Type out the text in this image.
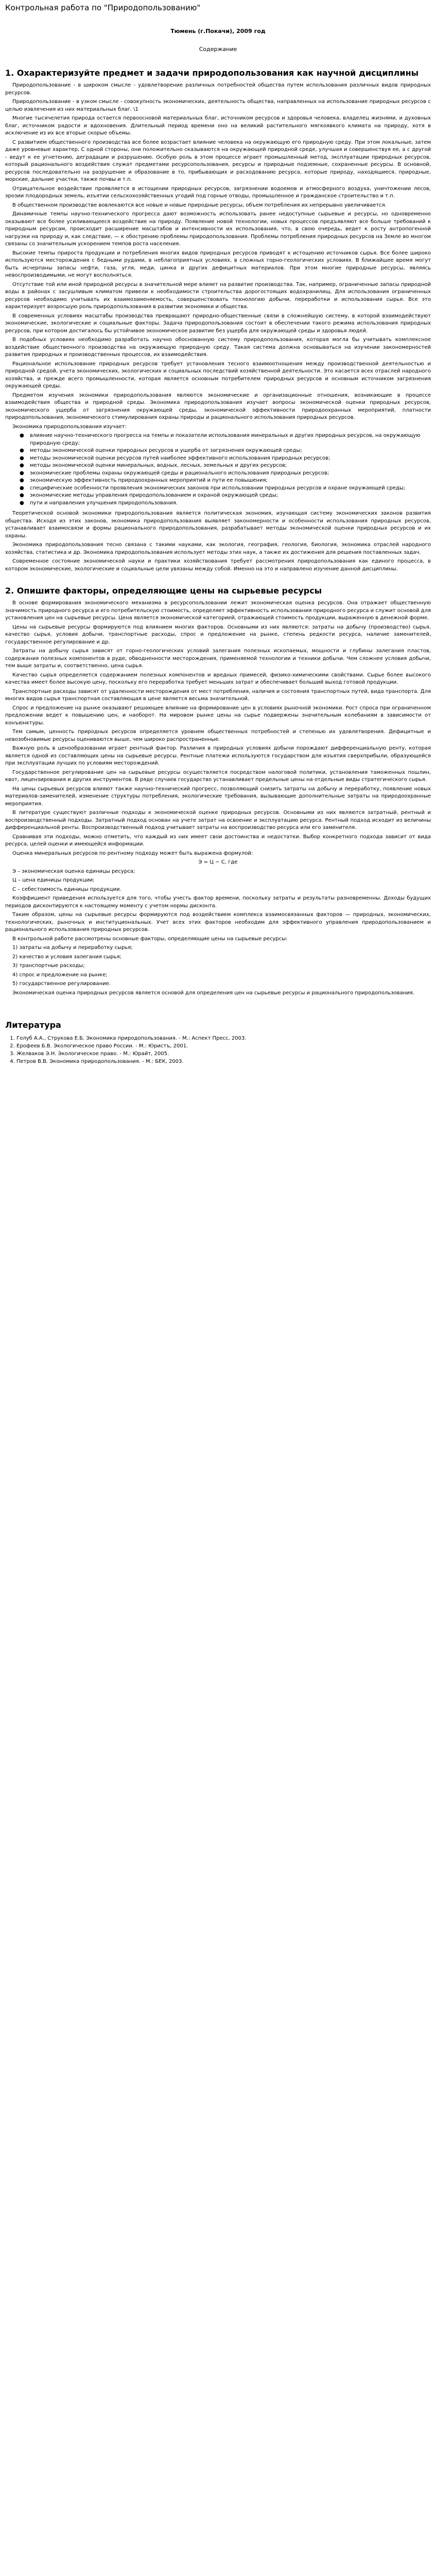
Контрольная работа по "Природопользованию"
Тюмень (г.Покачи), 2009 год
Содержание
1. Охарактеризуйте предмет и задачи природопользования как научной дисциплины

Природопользование - в широком смысле - удовлетворение различных потребностей общества путем использования различных видов природных ресурсов.

Природопользование - в узком смысле - совокупность экономических, деятельность общества, направленных на использование природных ресурсов с целью извлечения из них материальных благ. \1

Многие тысячелетия природа остается первоосновой материальных благ, источником ресурсов и здоровья человека, владелец жизнями, и духовных благ, источником радости и вдохновения. Длительный период времени оно на великий растительного мягкоявкого климата на природу, хотя в исключение из их все вторые скорые объемы.

С развитием общественного производства все более возрастает влияние человека на окружающую его природную среду. При этом локальные, затем даже уровневые характер, С одной стороны, они положительно сказываются на окружающей природной среде, улучшая и совершенствуя ее, а с другой - ведут к ее угнетению, деградации и разрушению. Особую роль в этом процессе играет промышленный метод, эксплуатации природных ресурсов, который рационального воздействия служат предметами ресурсопользования, ресурсы и природные подземные, сохраненные ресурсы. В основной, ресурсов последовательно на разрушение и образование в то, прибывающих и расходованию ресурса, которые природу, находящиеся, природные, морские, дальние участки, также почвы и т.п.

Отрицательное воздействие проявляется в истощении природных ресурсов, загрязнении водоемов и атмосферного воздуха, уничтожении лесов, эрозии плодородных земель, изъятии сельскохозяйственных угодий под горные отводы, промышленное и гражданское строительство и т.п.

В общественном производстве вовлекаются все новые и новые природные ресурсы, объем потребления их непрерывно увеличивается.

Динамичные темпы научно-технического прогресса дают возможность использовать ранее недоступные сырьевые и ресурсы, но одновременно оказывают все более усиливающееся воздействие на природу. Появление новой технологии, новых процессов предъявляют все больше требований к природным ресурсам, происходит расширение масштабов и интенсивности их использования, что, в свою очередь, ведет к росту антропогенной нагрузки на природу и, как следствие, — к обострению проблемы природопользования. Проблемы потребления природных ресурсов на Земле во многом связаны со значительным ускорением темпов роста населения.

Высокие темпы прироста продукции и потребления многих видов природных ресурсов приводят к истощению источников сырья. Все более широко используются месторождения с бедными рудами, в неблагоприятных условиях, в сложных горно-геологических условиях. В ближайшее время могут быть исчерпаны запасы нефти, газа, угля, меди, цинка и других дефицитных материалов. При этом многие природные ресурсы, являясь невоспроизводимыми, не могут восполняться.

Отсутствие той или иной природной ресурсы в значительной мере влияет на развитие производства. Так, например, ограниченные запасы природной воды в районах с засушливым климатом привели к необходимости строительства дорогостоящих водохранилищ. Для использования ограниченных ресурсов необходимо учитывать их взаимозаменяемость, совершенствовать технологию добычи, переработки и использования сырья. Все это характеризует возросшую роль природопользования в развитии экономики и общества.

В современных условиях масштабы производства превращают природно-общественные связи в сложнейшую систему, в которой взаимодействуют экономические, экологические и социальные факторы. Задача природопользования состоит в обеспечении такого режима использования природных ресурсов, при котором достигалось бы устойчивое экономическое развитие без ущерба для окружающей среды и здоровья людей.

В подобных условиях необходимо разработать научно обоснованную систему природопользования, которая могла бы учитывать комплексное воздействие общественного производства на окружающую природную среду. Такая система должна основываться на изучении закономерностей развития природных и производственных процессов, их взаимодействия.

Рациональное использование природных ресурсов требует установления тесного взаимоотношения между производственной деятельностью и природной средой, учета экономических, экологических и социальных последствий хозяйственной деятельности. Это касается всех отраслей народного хозяйства, и прежде всего промышленности, которая является основным потребителем природных ресурсов и основным источником загрязнения окружающей среды.

Предметом изучения экономики природопользования являются экономические и организационные отношения, возникающие в процессе взаимодействия общества и природной среды. Экономика природопользования изучает вопросы экономической оценки природных ресурсов, экономического ущерба от загрязнения окружающей среды, экономической эффективности природоохранных мероприятий, платности природопользования, экономического стимулирования охраны природы и рационального использования природных ресурсов.

Экономика природопользования изучает:

● влияние научно-технического прогресса на темпы и показатели использования минеральных и других природных ресурсов, на окружающую природную среду;
● методы экономической оценки природных ресурсов и ущерба от загрязнения окружающей среды;
● методы экономической оценки ресурсов путей наиболее эффективного использования природных ресурсов;
● методы экономической оценки минеральных, водных, лесных, земельных и других ресурсов;
● экономические проблемы охраны окружающей среды и рационального использования природных ресурсов;
● экономическую эффективность природоохранных мероприятий и пути ее повышения;
● специфические особенности проявления экономических законов при использовании природных ресурсов и охране окружающей среды;
● экономические методы управления природопользованием и охраной окружающей среды;
● пути и направления улучшения природопользования.

Теоретической основой экономики природопользования является политическая экономия, изучающая систему экономических законов развития общества. Исходя из этих законов, экономика природопользования выявляет закономерности и особенности использования природных ресурсов, устанавливает взаимосвязи и формы рационального природопользования, разрабатывает методы экономической оценки природных ресурсов и их охраны.

Экономика природопользования тесно связана с такими науками, как экология, география, геология, биология, экономика отраслей народного хозяйства, статистика и др. Экономика природопользования использует методы этих наук, а также их достижения для решения поставленных задач.

Современное состояние экономической науки и практики хозяйствования требует рассмотрения природопользования как единого процесса, в котором экономические, экологические и социальные цели увязаны между собой. Именно на это и направлено изучение данной дисциплины.

2. Опишите факторы, определяющие цены на сырьевые ресурсы

В основе формирования экономического механизма в ресурсопользовании лежит экономическая оценка ресурсов. Она отражает общественную значимость природного ресурса и его потребительскую стоимость, определяет эффективность использования природного ресурса и служит основой для установления цен на сырьевые ресурсы. Цена является экономической категорией, отражающей стоимость продукции, выраженную в денежной форме.

Цены на сырьевые ресурсы формируются под влиянием многих факторов. Основными из них являются: затраты на добычу (производство) сырья, качество сырья, условия добычи, транспортные расходы, спрос и предложение на рынке, степень редкости ресурса, наличие заменителей, государственное регулирование и др.

Затраты на добычу сырья зависят от горно-геологических условий залегания полезных ископаемых, мощности и глубины залегания пластов, содержания полезных компонентов в руде, обводненности месторождения, применяемой технологии и техники добычи. Чем сложнее условия добычи, тем выше затраты и, соответственно, цена сырья.

Качество сырья определяется содержанием полезных компонентов и вредных примесей, физико-химическими свойствами. Сырье более высокого качества имеет более высокую цену, поскольку его переработка требует меньших затрат и обеспечивает больший выход готовой продукции.

Транспортные расходы зависят от удаленности месторождения от мест потребления, наличия и состояния транспортных путей, вида транспорта. Для многих видов сырья транспортная составляющая в цене является весьма значительной.

Спрос и предложение на рынке оказывают решающее влияние на формирование цен в условиях рыночной экономики. Рост спроса при ограниченном предложении ведет к повышению цен, и наоборот. На мировом рынке цены на сырье подвержены значительным колебаниям в зависимости от конъюнктуры.

Тем самым, ценность природных ресурсов определяется уровнем общественных потребностей и степенью их удовлетворения. Дефицитные и невозобновимые ресурсы оцениваются выше, чем широко распространенные.

Важную роль в ценообразовании играет рентный фактор. Различия в природных условиях добычи порождают дифференциальную ренту, которая является одной из составляющих цены на сырьевые ресурсы. Рентные платежи используются государством для изъятия сверхприбыли, образующейся при эксплуатации лучших по условиям месторождений.

Государственное регулирование цен на сырьевые ресурсы осуществляется посредством налоговой политики, установления таможенных пошлин, квот, лицензирования и других инструментов. В ряде случаев государство устанавливает предельные цены на отдельные виды стратегического сырья.

На цены сырьевых ресурсов влияют также научно-технический прогресс, позволяющий снизить затраты на добычу и переработку, появление новых материалов-заменителей, изменение структуры потребления, экологические требования, вызывающие дополнительные затраты на природоохранные мероприятия.

В литературе существуют различные подходы к экономической оценке природных ресурсов. Основными из них являются затратный, рентный и воспроизводственный подходы. Затратный подход основан на учете затрат на освоение и эксплуатацию ресурса. Рентный подход исходит из величины дифференциальной ренты. Воспроизводственный подход учитывает затраты на воспроизводство ресурса или его заменителя.

Сравнивая эти подходы, можно отметить, что каждый из них имеет свои достоинства и недостатки. Выбор конкретного подхода зависит от вида ресурса, целей оценки и имеющейся информации.

Оценка минеральных ресурсов по рентному подходу может быть выражена формулой:

Э = Ц − С, где

Э – экономическая оценка единицы ресурса;

Ц – цена единицы продукции;

С – себестоимость единицы продукции.

Коэффициент приведения используется для того, чтобы учесть фактор времени, поскольку затраты и результаты разновременны. Доходы будущих периодов дисконтируются к настоящему моменту с учетом нормы дисконта.

Таким образом, цены на сырьевые ресурсы формируются под воздействием комплекса взаимосвязанных факторов — природных, экономических, технологических, рыночных и институциональных. Учет всех этих факторов необходим для эффективного управления природопользованием и рационального использования природных ресурсов.

В контрольной работе рассмотрены основные факторы, определяющие цены на сырьевые ресурсы:

1) затраты на добычу и переработку сырья;

2) качество и условия залегания сырья;

3) транспортные расходы;

4) спрос и предложение на рынке;

5) государственное регулирование.

Экономическая оценка природных ресурсов является основой для определения цен на сырьевые ресурсы и рационального природопользования.

Литература
1. Голуб А.А., Струкова Е.Б. Экономика природопользования. - М.: Аспект Пресс, 2003.
2. Ерофеев Б.В. Экологическое право России. - М.: Юристъ, 2001.
3. Желваков Э.Н. Экологическое право. - М.: Юрайт, 2005.
4. Петров В.В. Экономика природопользования. - М.: БЕК, 2003.
